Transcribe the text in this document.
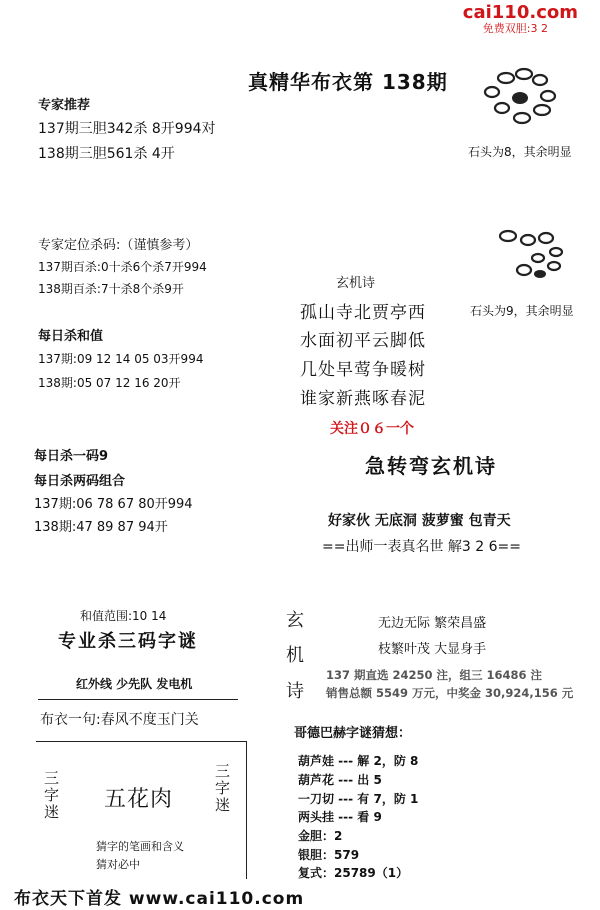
cai110.com
免费双胆:3 2
真精华布衣第 138期
专家推荐
137期三胆342杀 8开994对
138期三胆561杀 4开	石头为8，其余明显
专家定位杀码:（谨慎参考）
137期百杀:0十杀6个杀7开994
138期百杀:7十杀8个杀9开
石头为9，其余明显
玄机诗
孤山寺北贾亭西
水面初平云脚低
几处早莺争暖树
谁家新燕啄春泥
每日杀和值
137期:09 12 14 05 03开994
138期:05 07 12 16 20开
关注０６一个
急转弯玄机诗
好家伙 无底洞 菠萝蜜 包青天
==出师一表真名世 解3 2 6==
每日杀一码9
每日杀两码组合
137期:06 78 67 80开994
138期:47 89 87 94开
和值范围:10 14
专业杀三码字谜
红外线 少先队 发电机
布衣一句:春风不度玉门关
玄
机
诗
无边无际 繁荣昌盛
枝繁叶茂 大显身手
137 期直选 24250 注，组三 16486 注
销售总额 5549 万元，中奖金 30,924,156 元
三字迷
三字迷
五花肉
猜字的笔画和含义
猜对必中
哥德巴赫字谜猜想：
葫芦娃 --- 解 2，防 8
葫芦花 --- 出 5
一刀切 --- 有 7，防 1
两头挂 --- 看 9
金胆：2
银胆：579
复式：25789（1）
布衣天下首发 www.cai110.com
